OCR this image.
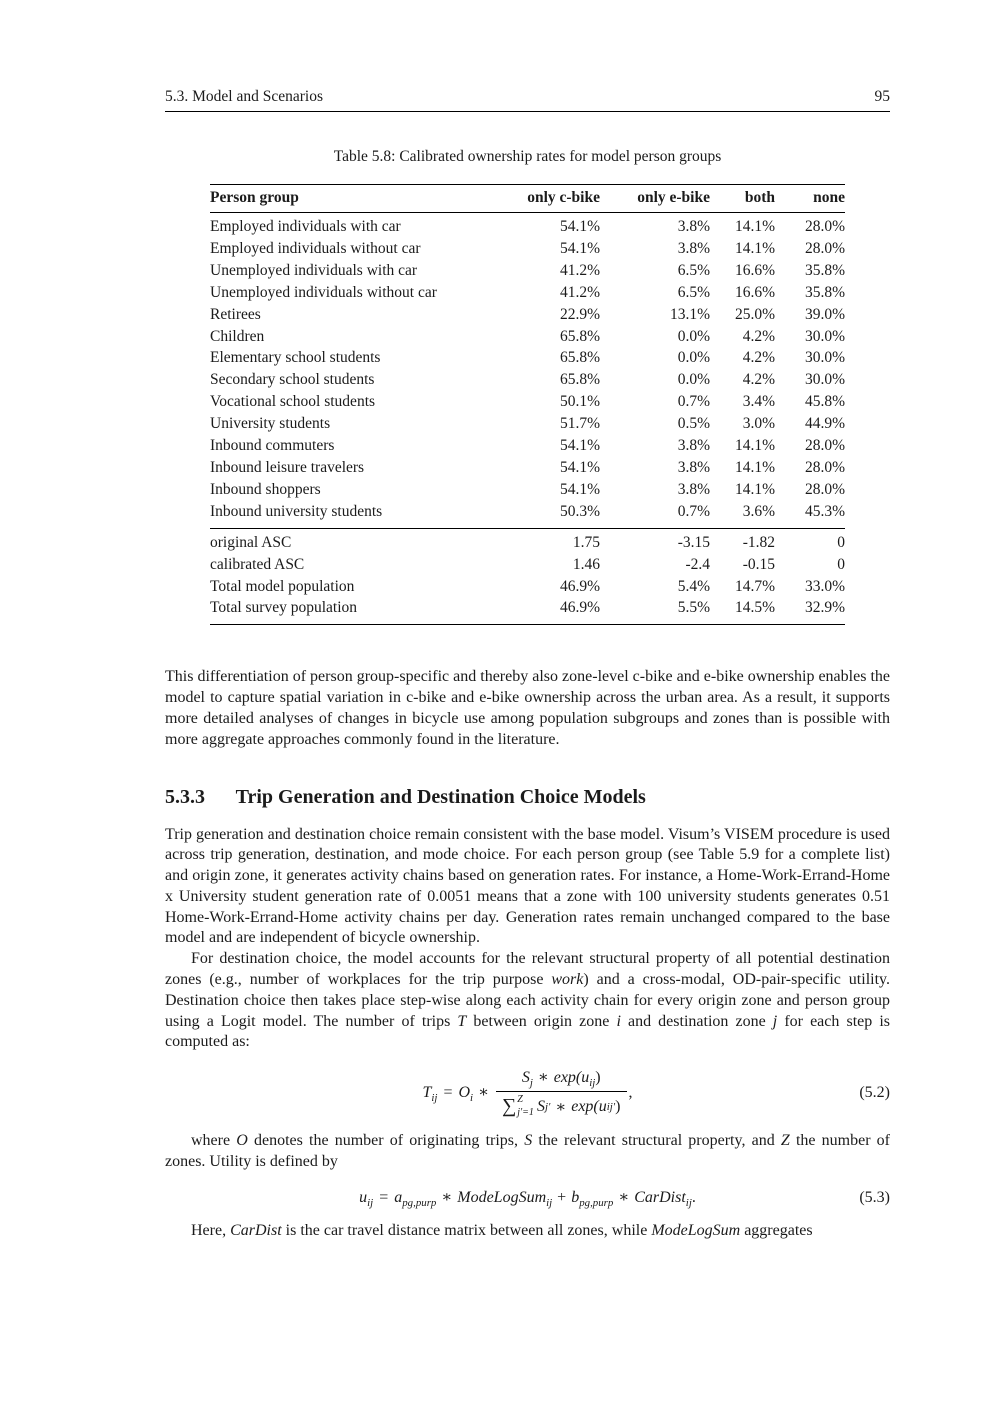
5.3. Model and Scenarios	95
Table 5.8: Calibrated ownership rates for model person groups
Person group	only c-bike	only e-bike	both	none
Employed individuals with car	54.1%	3.8%	14.1%	28.0%
Employed individuals without car	54.1%	3.8%	14.1%	28.0%
Unemployed individuals with car	41.2%	6.5%	16.6%	35.8%
Unemployed individuals without car	41.2%	6.5%	16.6%	35.8%
Retirees	22.9%	13.1%	25.0%	39.0%
Children	65.8%	0.0%	4.2%	30.0%
Elementary school students	65.8%	0.0%	4.2%	30.0%
Secondary school students	65.8%	0.0%	4.2%	30.0%
Vocational school students	50.1%	0.7%	3.4%	45.8%
University students	51.7%	0.5%	3.0%	44.9%
Inbound commuters	54.1%	3.8%	14.1%	28.0%
Inbound leisure travelers	54.1%	3.8%	14.1%	28.0%
Inbound shoppers	54.1%	3.8%	14.1%	28.0%
Inbound university students	50.3%	0.7%	3.6%	45.3%
original ASC	1.75	-3.15	-1.82	0
calibrated ASC	1.46	-2.4	-0.15	0
Total model population	46.9%	5.4%	14.7%	33.0%
Total survey population	46.9%	5.5%	14.5%	32.9%

This differentiation of person group-specific and thereby also zone-level c-bike and e-bike ownership enables the model to capture spatial variation in c-bike and e-bike ownership across the urban area. As a result, it supports more detailed analyses of changes in bicycle use among population subgroups and zones than is possible with more aggregate approaches commonly found in the literature.

5.3.3 Trip Generation and Destination Choice Models

Trip generation and destination choice remain consistent with the base model. Visum’s VISEM procedure is used across trip generation, destination, and mode choice. For each person group (see Table 5.9 for a complete list) and origin zone, it generates activity chains based on generation rates. For instance, a Home-Work-Errand-Home x University student generation rate of 0.0051 means that a zone with 100 university students generates 0.51 Home-Work-Errand-Home activity chains per day. Generation rates remain unchanged compared to the base model and are independent of bicycle ownership.

For destination choice, the model accounts for the relevant structural property of all potential destination zones (e.g., number of workplaces for the trip purpose work) and a cross-modal, OD-pair-specific utility. Destination choice then takes place step-wise along each activity chain for every origin zone and person group using a Logit model. The number of trips T between origin zone i and destination zone j for each step is computed as:

$T_{ij} = O_i$ ∗ $S_j$ ∗ $\exp(u_{ij})$
∑ Z
j′=1 S j′ ∗ exp( u ij′ ) ,	(5.2)

where O denotes the number of originating trips, S the relevant structural property, and Z the number of zones. Utility is defined by

$u_{ij} = a_{pg,purp}$ ∗ ModeLogSum$_{ij}$ + $b_{pg,purp}$ ∗ CarDist$_{ij}$.	(5.3)

Here, CarDist is the car travel distance matrix between all zones, while ModeLogSum aggregates
